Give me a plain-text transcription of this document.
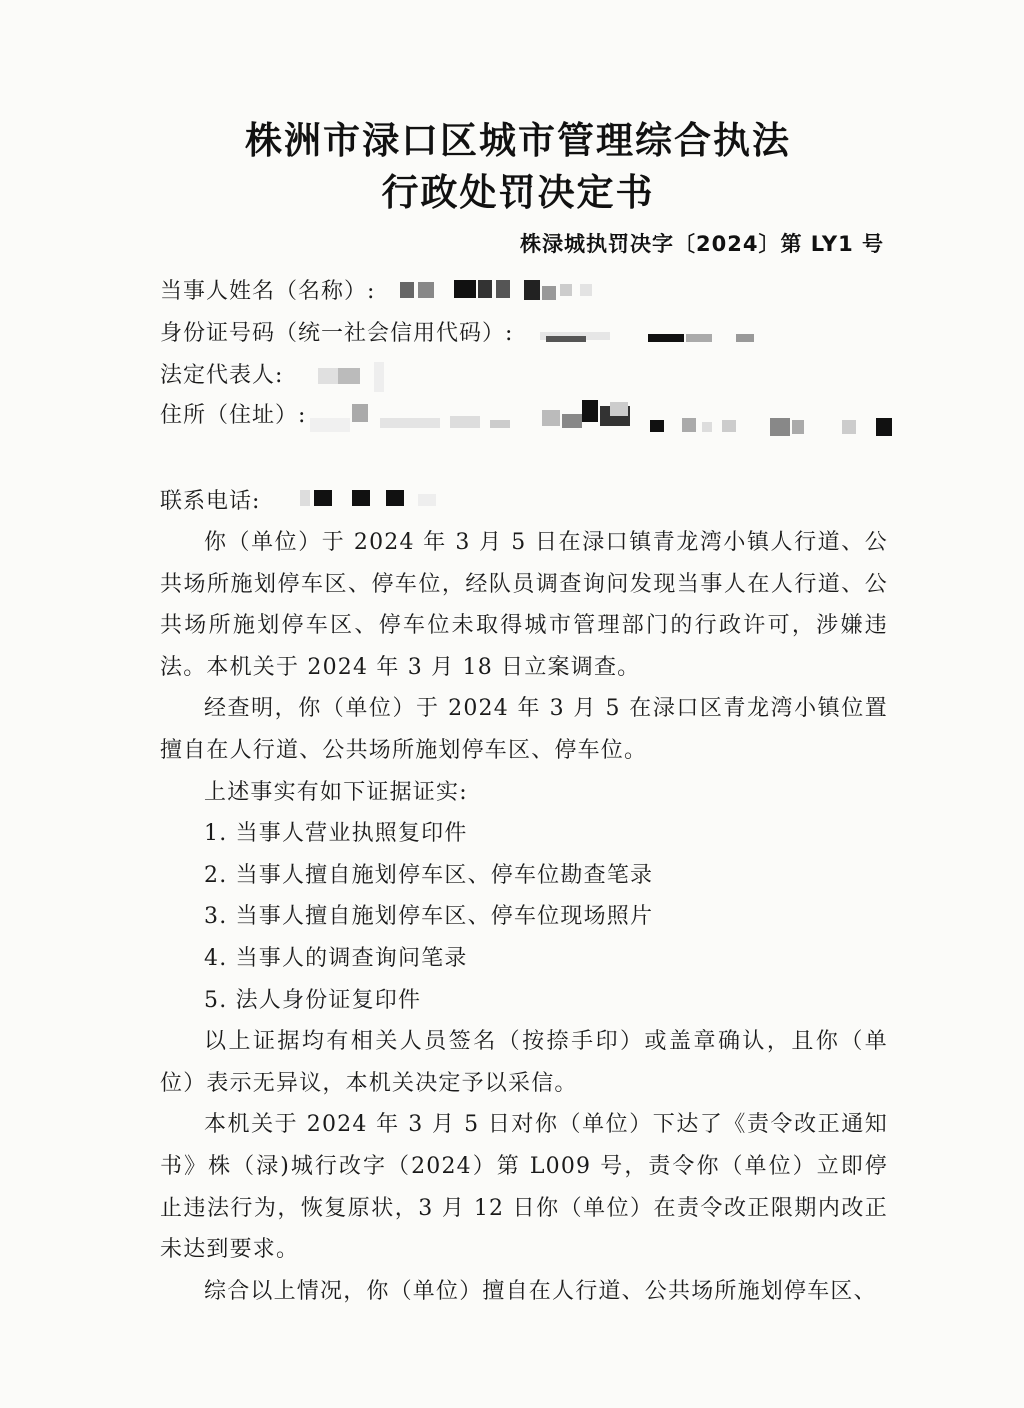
株洲市渌口区城市管理综合执法
行政处罚决定书
株渌城执罚决字〔2024〕第 LY1 号
当事人姓名（名称）:
身份证号码（统一社会信用代码）:
法定代表人:
住所（住址）:
联系电话:

你（单位）于 2024 年 3 月 5 日在渌口镇青龙湾小镇人行道、公共场所施划停车区、停车位，经队员调查询问发现当事人在人行道、公共场所施划停车区、停车位未取得城市管理部门的行政许可，涉嫌违法。本机关于 2024 年 3 月 18 日立案调查。

经查明，你（单位）于 2024 年 3 月 5 在渌口区青龙湾小镇位置擅自在人行道、公共场所施划停车区、停车位。

上述事实有如下证据证实:

1. 当事人营业执照复印件

2. 当事人擅自施划停车区、停车位勘查笔录

3. 当事人擅自施划停车区、停车位现场照片

4. 当事人的调查询问笔录

5. 法人身份证复印件

以上证据均有相关人员签名（按捺手印）或盖章确认，且你（单位）表示无异议，本机关决定予以采信。

本机关于 2024 年 3 月 5 日对你（单位）下达了《责令改正通知书》株（渌)城行改字（2024）第 L009 号，责令你（单位）立即停止违法行为，恢复原状，3 月 12 日你（单位）在责令改正限期内改正未达到要求。

综合以上情况，你（单位）擅自在人行道、公共场所施划停车区、
